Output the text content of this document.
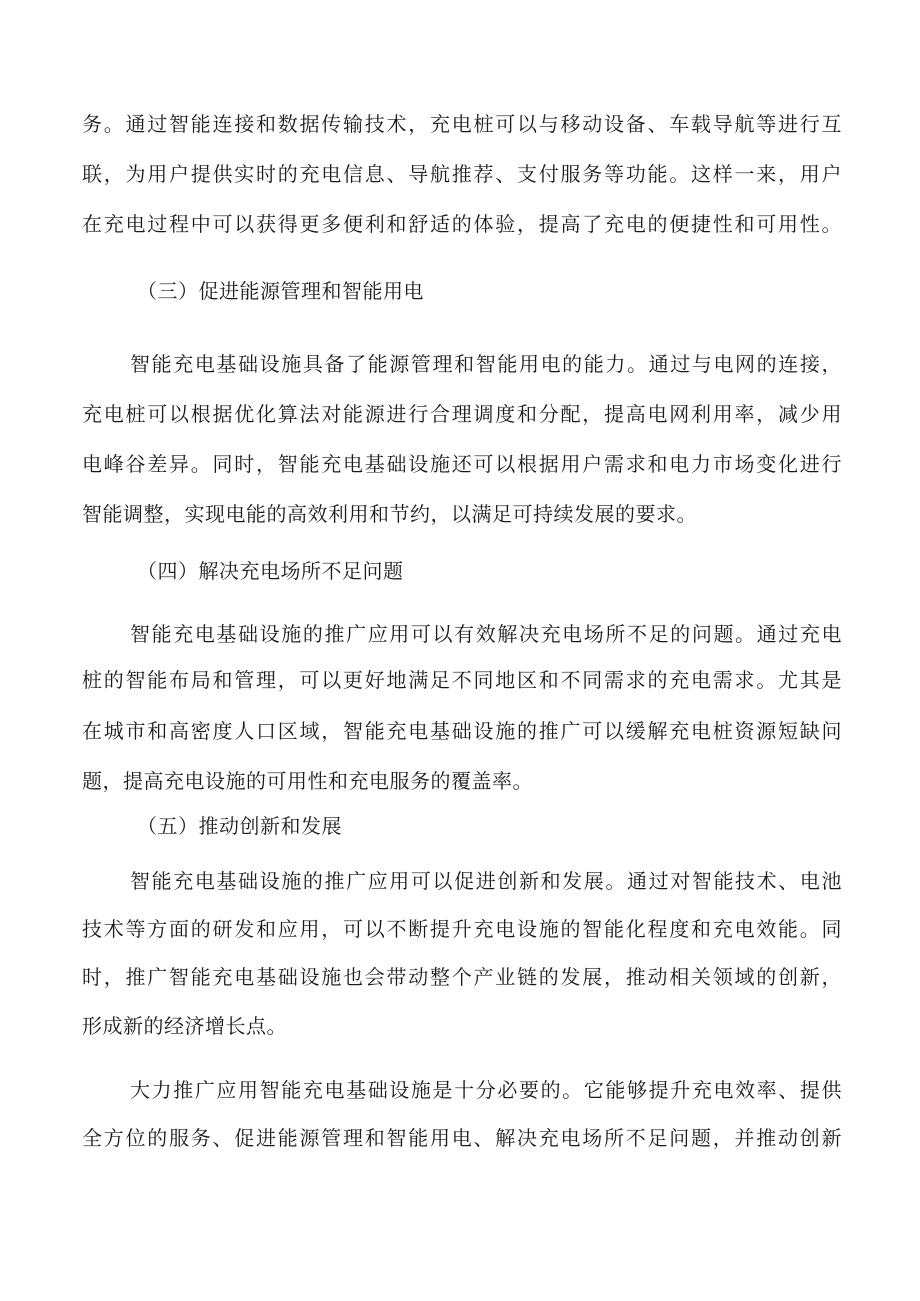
务。通过智能连接和数据传输技术，充电桩可以与移动设备、车载导航等进行互
联，为用户提供实时的充电信息、导航推荐、支付服务等功能。这样一来，用户
在充电过程中可以获得更多便利和舒适的体验，提高了充电的便捷性和可用性。
（三）促进能源管理和智能用电
智能充电基础设施具备了能源管理和智能用电的能力。通过与电网的连接，
充电桩可以根据优化算法对能源进行合理调度和分配，提高电网利用率，减少用
电峰谷差异。同时，智能充电基础设施还可以根据用户需求和电力市场变化进行
智能调整，实现电能的高效利用和节约，以满足可持续发展的要求。
（四）解决充电场所不足问题
智能充电基础设施的推广应用可以有效解决充电场所不足的问题。通过充电
桩的智能布局和管理，可以更好地满足不同地区和不同需求的充电需求。尤其是
在城市和高密度人口区域，智能充电基础设施的推广可以缓解充电桩资源短缺问
题，提高充电设施的可用性和充电服务的覆盖率。
（五）推动创新和发展
智能充电基础设施的推广应用可以促进创新和发展。通过对智能技术、电池
技术等方面的研发和应用，可以不断提升充电设施的智能化程度和充电效能。同
时，推广智能充电基础设施也会带动整个产业链的发展，推动相关领域的创新，
形成新的经济增长点。
大力推广应用智能充电基础设施是十分必要的。它能够提升充电效率、提供
全方位的服务、促进能源管理和智能用电、解决充电场所不足问题，并推动创新
